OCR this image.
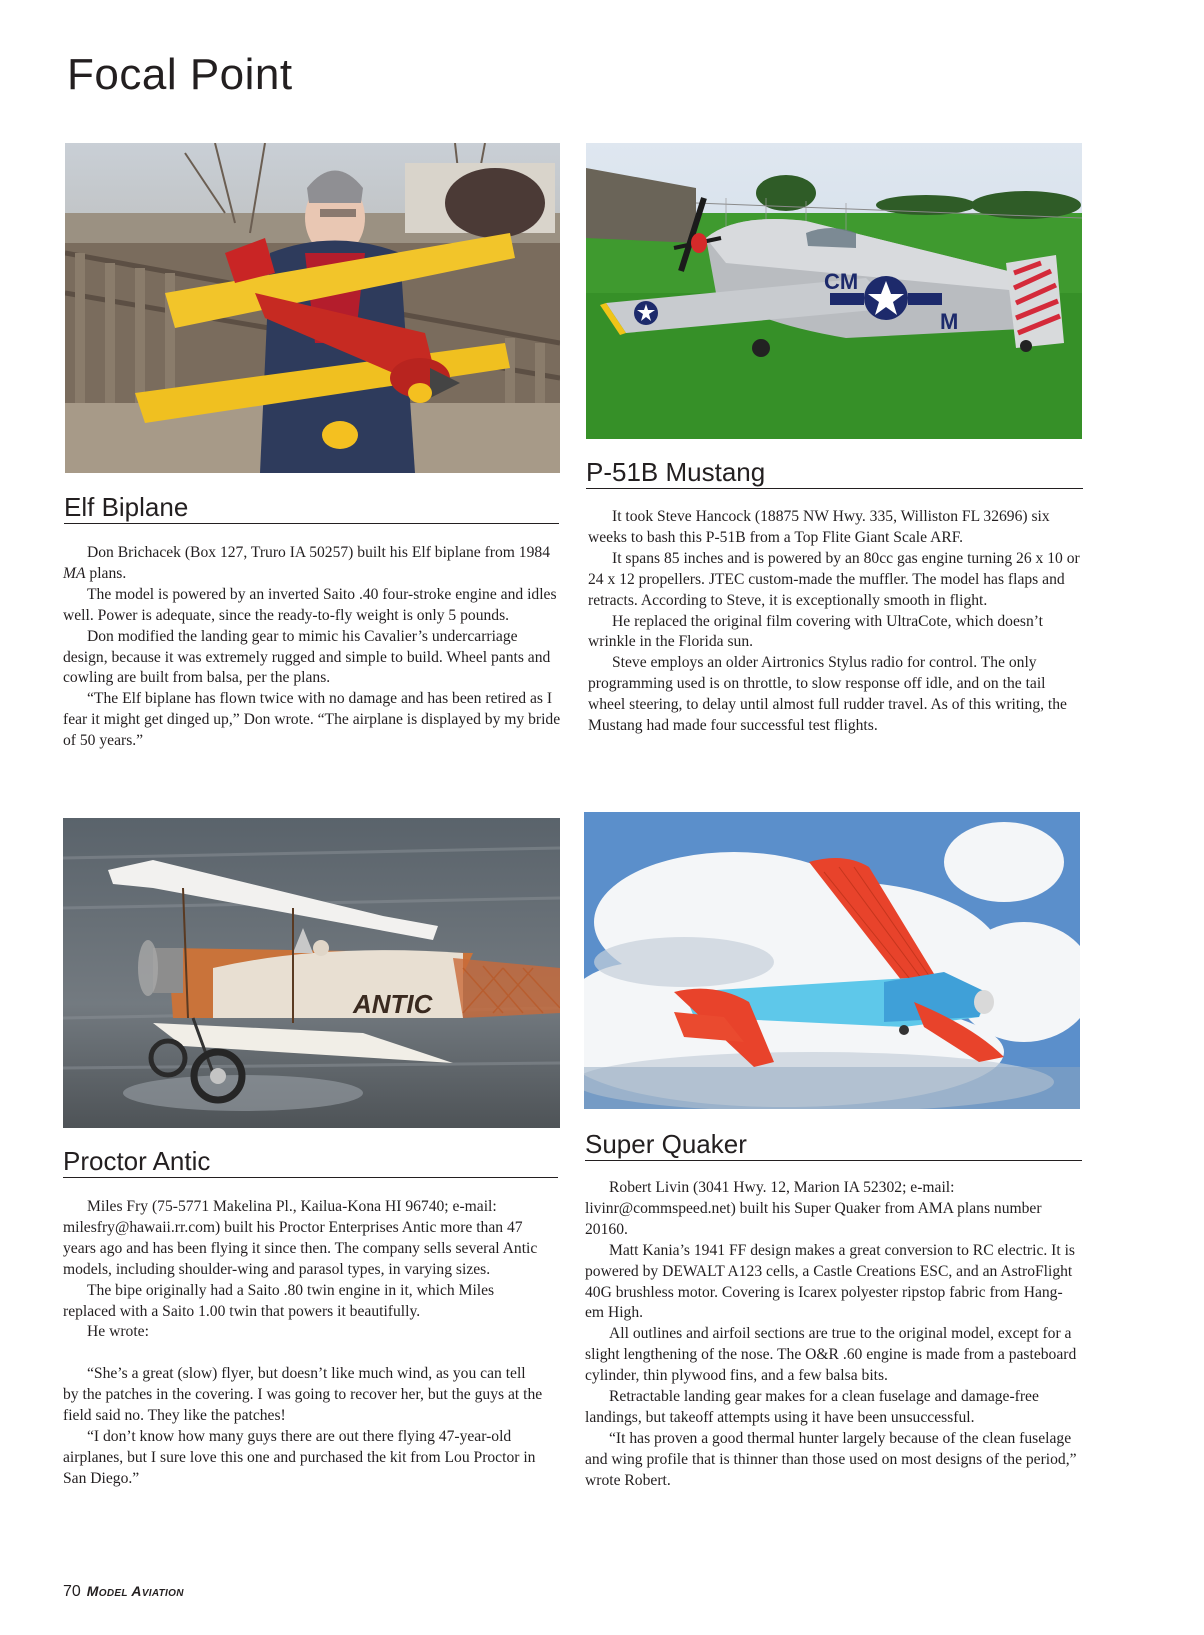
Focal Point
CM
M
ANTIC
Elf Biplane
P-51B Mustang
Proctor Antic
Super Quaker

Don Brichacek (Box 127, Truro IA 50257) built his Elf biplane from 1984 MA plans.

The model is powered by an inverted Saito .40 four-stroke engine and idles well. Power is adequate, since the ready-to-fly weight is only 5 pounds.

Don modified the landing gear to mimic his Cavalier’s undercarriage design, because it was extremely rugged and simple to build. Wheel pants and cowling are built from balsa, per the plans.

“The Elf biplane has flown twice with no damage and has been retired as I fear it might get dinged up,” Don wrote. “The airplane is displayed by my bride of 50 years.”

It took Steve Hancock (18875 NW Hwy. 335, Williston FL 32696) six weeks to bash this P-51B from a Top Flite Giant Scale ARF.

It spans 85 inches and is powered by an 80cc gas engine turning 26 x 10 or 24 x 12 propellers. JTEC custom-made the muffler. The model has flaps and retracts. According to Steve, it is exceptionally smooth in flight.

He replaced the original film covering with UltraCote, which doesn’t wrinkle in the Florida sun.

Steve employs an older Airtronics Stylus radio for control. The only programming used is on throttle, to slow response off idle, and on the tail wheel steering, to delay until almost full rudder travel. As of this writing, the Mustang had made four successful test flights.

Miles Fry (75-5771 Makelina Pl., Kailua-Kona HI 96740; e-mail: milesfry@hawaii.rr.com) built his Proctor Enterprises Antic more than 47 years ago and has been flying it since then. The company sells several Antic models, including shoulder-wing and parasol types, in varying sizes.

The bipe originally had a Saito .80 twin engine in it, which Miles replaced with a Saito 1.00 twin that powers it beautifully.

He wrote:

“She’s a great (slow) flyer, but doesn’t like much wind, as you can tell by the patches in the covering. I was going to recover her, but the guys at the field said no. They like the patches!

“I don’t know how many guys there are out there flying 47-year-old airplanes, but I sure love this one and purchased the kit from Lou Proctor in San Diego.”

Robert Livin (3041 Hwy. 12, Marion IA 52302; e-mail: livinr@commspeed.net) built his Super Quaker from AMA plans number 20160.

Matt Kania’s 1941 FF design makes a great conversion to RC electric. It is powered by DEWALT A123 cells, a Castle Creations ESC, and an AstroFlight 40G brushless motor. Covering is Icarex polyester ripstop fabric from Hang-em High.

All outlines and airfoil sections are true to the original model, except for a slight lengthening of the nose. The O&R .60 engine is made from a pasteboard cylinder, thin plywood fins, and a few balsa bits.

Retractable landing gear makes for a clean fuselage and damage-free landings, but takeoff attempts using it have been unsuccessful.

“It has proven a good thermal hunter largely because of the clean fuselage and wing profile that is thinner than those used on most designs of the period,” wrote Robert.

70 Model Aviation
